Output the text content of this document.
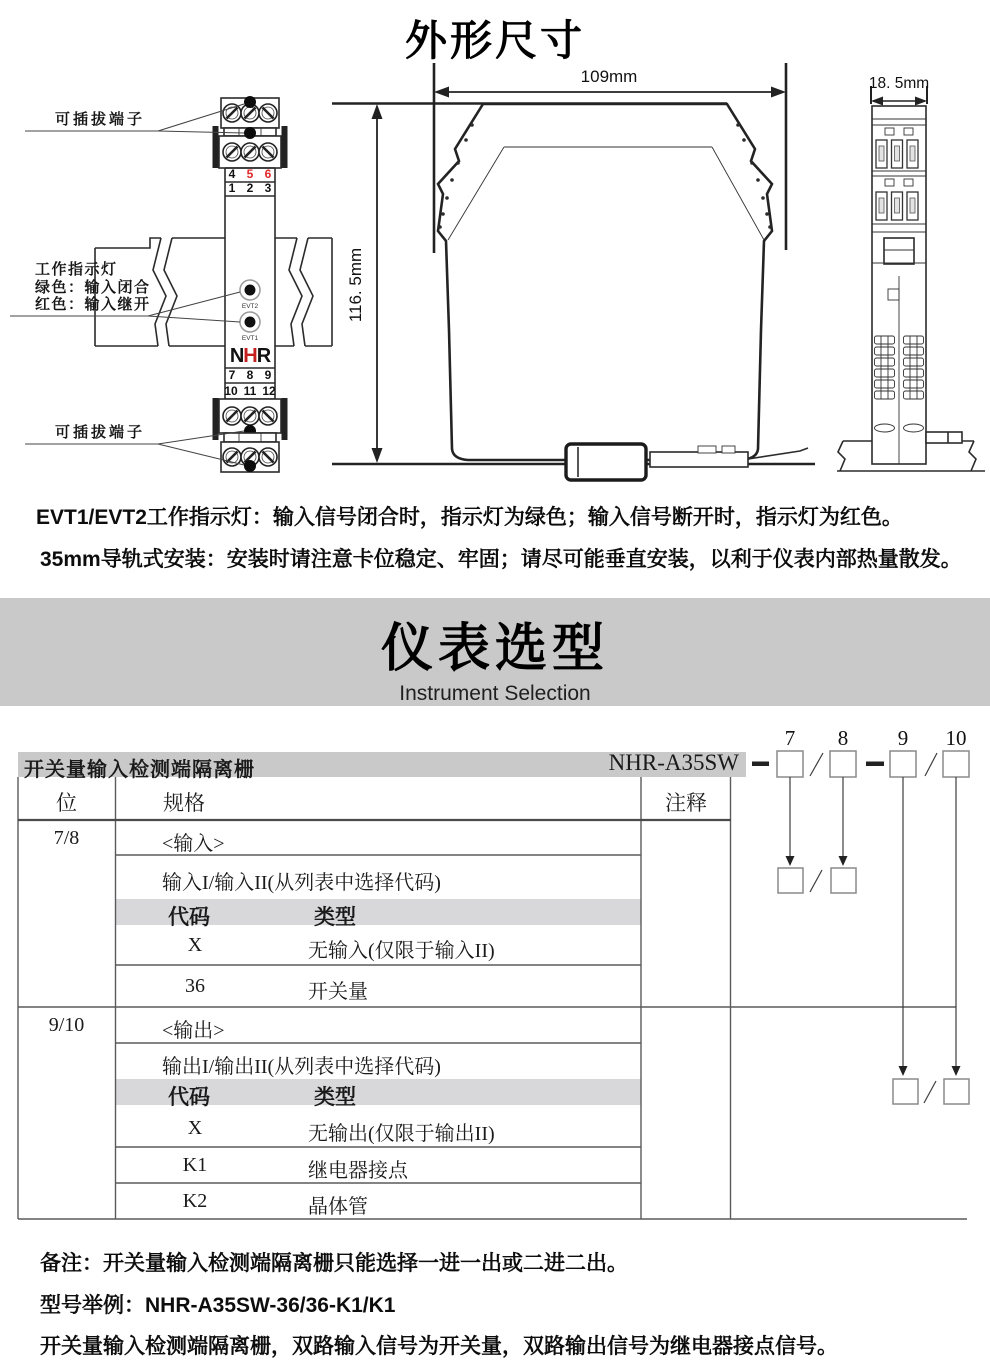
外形尺寸
仪表选型
Instrument Selection
4 5 6
1 2 3
EVT2
EVT1
NHR
7 8 9
10 11 12
可插拔端子
工作指示灯
绿色：输入闭合
红色：输入继开
可插拔端子
109mm
116. 5mm
18. 5mm
EVT1/EVT2工作指示灯：输入信号闭合时，指示灯为绿色；输入信号断开时，指示灯为红色。
35mm导轨式安装：安装时请注意卡位稳定、牢固；请尽可能垂直安装，以利于仪表内部热量散发。
7	8	9	10
开关量输入检测端隔离栅	NHR-A35SW
位	规格	注释
7/8	<输入>
输入I/输入II(从列表中选择代码)
代码	类型
X	无输入(仅限于输入II)
36	开关量
9/10	<输出>
输出I/输出II(从列表中选择代码)
代码	类型
X	无输出(仅限于输出II)
K1	继电器接点
K2	晶体管
备注：开关量输入检测端隔离栅只能选择一进一出或二进二出。
型号举例：NHR-A35SW-36/36-K1/K1
开关量输入检测端隔离栅，双路输入信号为开关量，双路输出信号为继电器接点信号。
